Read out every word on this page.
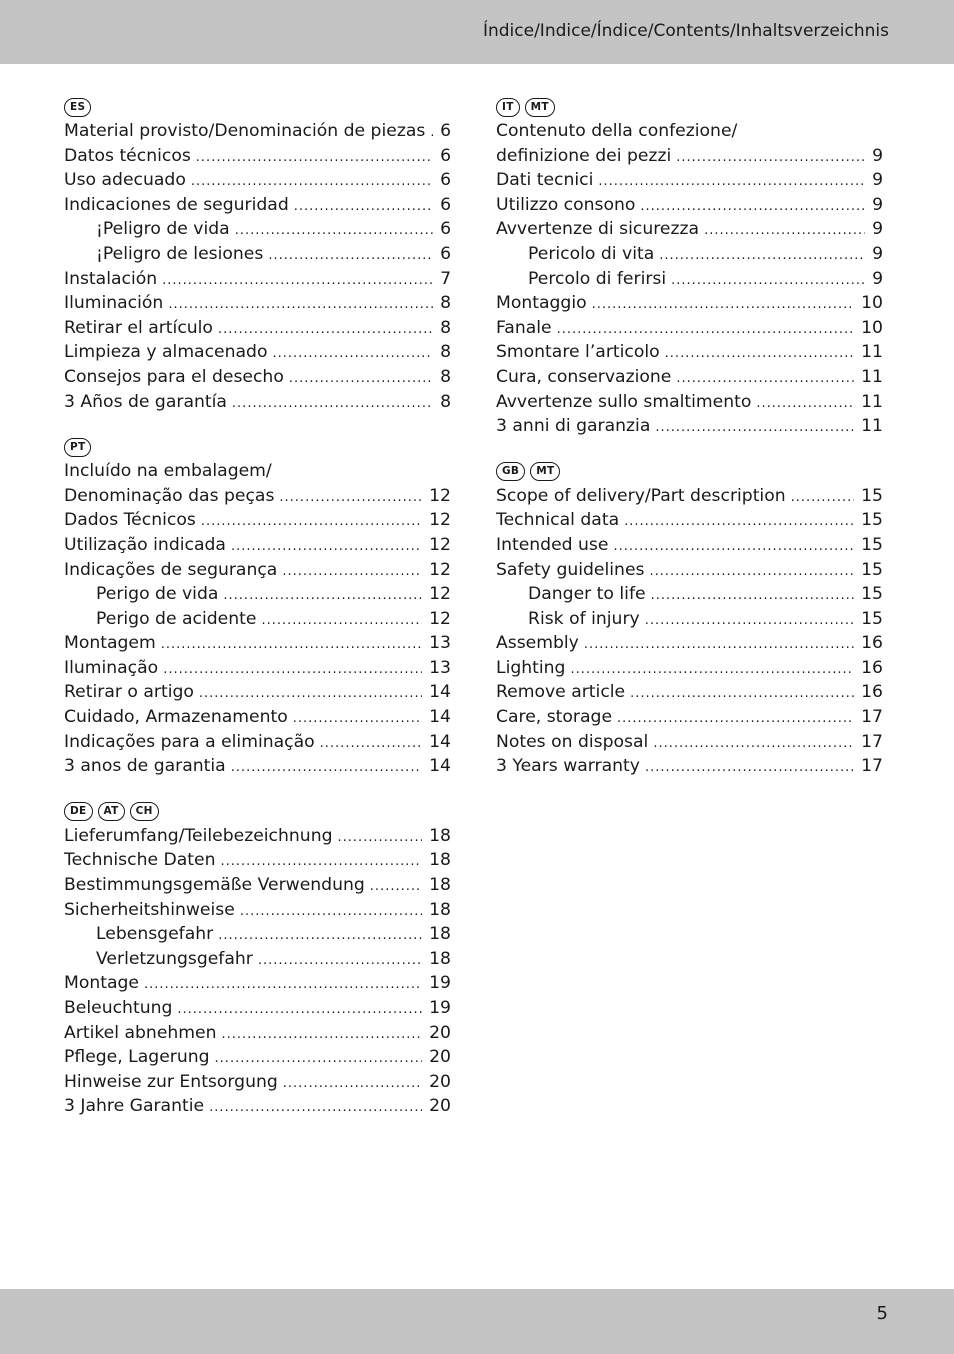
Índice/Indice/Índice/Contents/Inhaltsverzeichnis
ES
Material provisto/Denominación de piezas ..... 6
Datos técnicos .....	6
Uso adecuado .....	6
Indicaciones de seguridad .....	6
¡Peligro de vida .....	6
¡Peligro de lesiones .....	6
Instalación .....	7
Iluminación .....	8
Retirar el artículo .....	8
Limpieza y almacenado .....	8
Consejos para el desecho .....	8
3 Años de garantía .....	8
PT
Incluído na embalagem/
Denominação das peças .....	12
Dados Técnicos .....	12
Utilização indicada .....	12
Indicações de segurança .....	12
Perigo de vida .....	12
Perigo de acidente .....	12
Montagem .....	13
Iluminação .....	13
Retirar o artigo .....	14
Cuidado, Armazenamento .....	14
Indicações para a eliminação .....	14
3 anos de garantia .....	14
DE	AT	CH
Lieferumfang/Teilebezeichnung .....	18
Technische Daten .....	18
Bestimmungsgemäße Verwendung .....	18
Sicherheitshinweise .....	18
Lebensgefahr .....	18
Verletzungsgefahr .....	18
Montage .....	19
Beleuchtung .....	19
Artikel abnehmen .....	20
Pflege, Lagerung .....	20
Hinweise zur Entsorgung .....	20
3 Jahre Garantie .....	20
IT	MT
Contenuto della confezione/
definizione dei pezzi .....	9
Dati tecnici .....	9
Utilizzo consono .....	9
Avvertenze di sicurezza .....	9
Pericolo di vita .....	9
Percolo di ferirsi .....	9
Montaggio .....	10
Fanale .....	10
Smontare l’articolo .....	11
Cura, conservazione .....	11
Avvertenze sullo smaltimento .....	11
3 anni di garanzia .....	11
GB	MT
Scope of delivery/Part description .....	15
Technical data .....	15
Intended use .....	15
Safety guidelines .....	15
Danger to life .....	15
Risk of injury .....	15
Assembly .....	16
Lighting .....	16
Remove article .....	16
Care, storage .....	17
Notes on disposal .....	17
3 Years warranty .....	17
5
